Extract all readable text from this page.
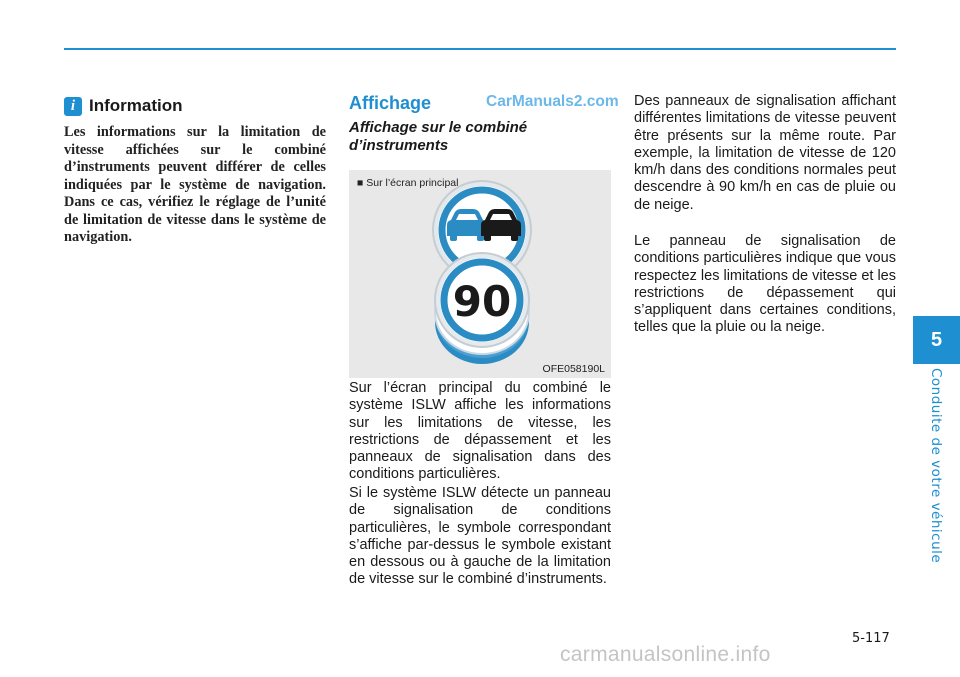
i Information

Les informations sur la limitation de vitesse affichées sur le combiné d’instruments peuvent différer de celles indiquées par le système de navigation. Dans ce cas, vérifiez le réglage de l’unité de limitation de vitesse dans le système de navigation.

Affichage	CarManuals2.com
Affichage sur le combiné d’instruments
90
■ Sur l’écran principal
OFE058190L

Sur l’écran principal du combiné le système ISLW affiche les informations sur les limitations de vitesse, les restrictions de dépassement et les panneaux de signalisation dans des conditions particulières.

Si le système ISLW détecte un panneau de signalisation de conditions particulières, le symbole correspondant s’affiche par-dessus le symbole existant en dessous ou à gauche de la limitation de vitesse sur le combiné d’instruments.

Des panneaux de signalisation affichant différentes limitations de vitesse peuvent être présents sur la même route. Par exemple, la limitation de vitesse de 120 km/h dans des conditions normales peut descendre à 90 km/h en cas de pluie ou de neige.

Le panneau de signalisation de conditions particulières indique que vous respectez les limitations de vitesse et les restrictions de dépassement qui s’appliquent dans certaines conditions, telles que la pluie ou la neige.

5
Conduite de votre véhicule
5-117
carmanualsonline.info
